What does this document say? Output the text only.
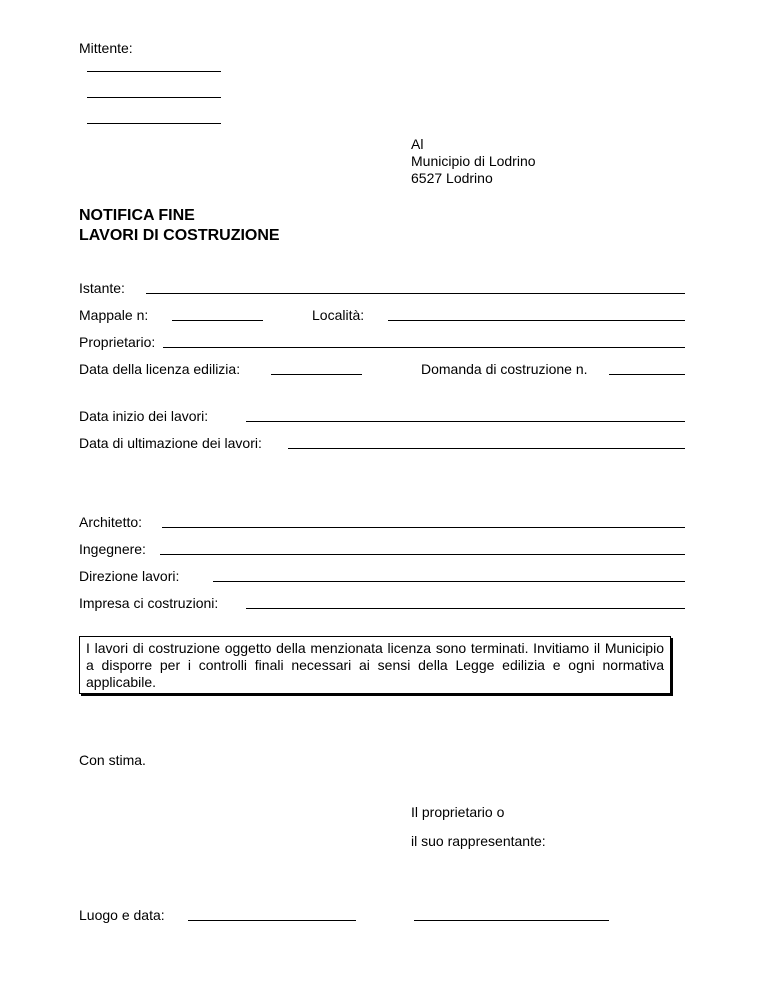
Mittente:
Al
Municipio di Lodrino
6527 Lodrino
NOTIFICA FINE
LAVORI DI COSTRUZIONE
Istante:
Mappale n:	Località:
Proprietario:
Data della licenza edilizia:	Domanda di costruzione n.
Data inizio dei lavori:
Data di ultimazione dei lavori:
Architetto:
Ingegnere:
Direzione lavori:
Impresa ci costruzioni:
I lavori di costruzione oggetto della menzionata licenza sono terminati. Invitiamo il Municipio a disporre per i controlli finali necessari ai sensi della Legge edilizia e ogni normativa applicabile.
Con stima.
Il proprietario o
il suo rappresentante:
Luogo e data:
